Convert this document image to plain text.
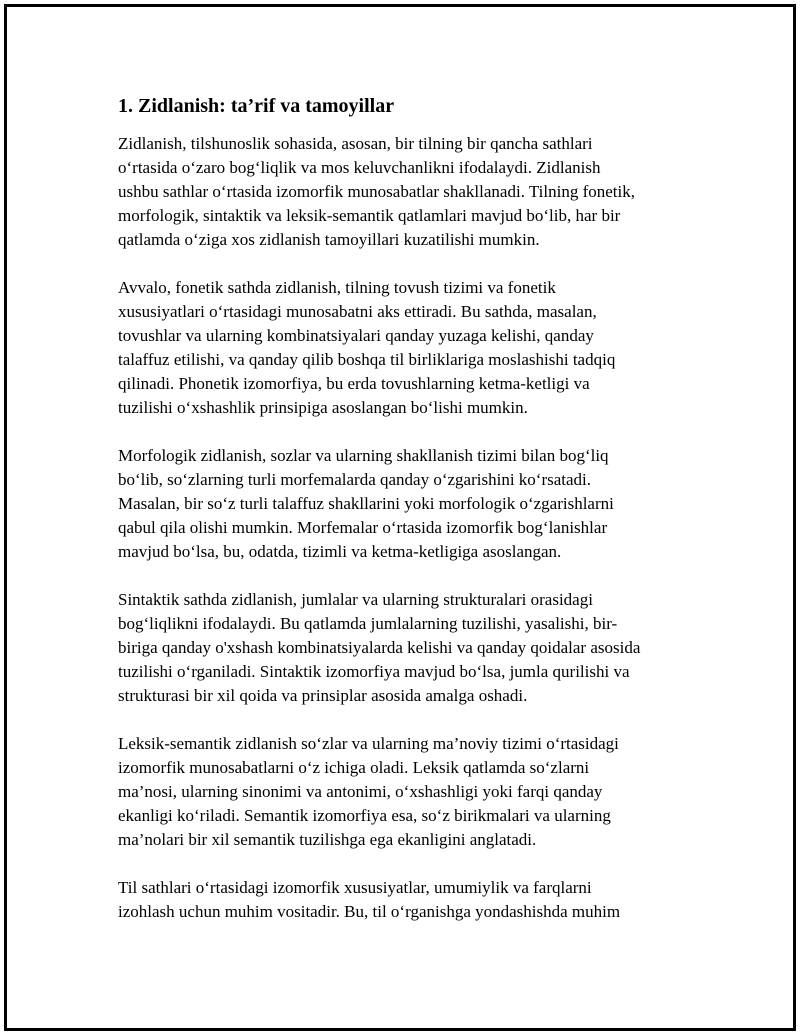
1. Zidlanish: ta’rif va tamoyillar

Zidlanish, tilshunoslik sohasida, asosan, bir tilning bir qancha sathlari
o‘rtasida o‘zaro bog‘liqlik va mos keluvchanlikni ifodalaydi. Zidlanish
ushbu sathlar o‘rtasida izomorfik munosabatlar shakllanadi. Tilning fonetik,
morfologik, sintaktik va leksik-semantik qatlamlari mavjud bo‘lib, har bir
qatlamda o‘ziga xos zidlanish tamoyillari kuzatilishi mumkin.

Avvalo, fonetik sathda zidlanish, tilning tovush tizimi va fonetik
xususiyatlari o‘rtasidagi munosabatni aks ettiradi. Bu sathda, masalan,
tovushlar va ularning kombinatsiyalari qanday yuzaga kelishi, qanday
talaffuz etilishi, va qanday qilib boshqa til birliklariga moslashishi tadqiq
qilinadi. Phonetik izomorfiya, bu erda tovushlarning ketma-ketligi va
tuzilishi o‘xshashlik prinsipiga asoslangan bo‘lishi mumkin.

Morfologik zidlanish, sozlar va ularning shakllanish tizimi bilan bog‘liq
bo‘lib, so‘zlarning turli morfemalarda qanday o‘zgarishini ko‘rsatadi.
Masalan, bir so‘z turli talaffuz shakllarini yoki morfologik o‘zgarishlarni
qabul qila olishi mumkin. Morfemalar o‘rtasida izomorfik bog‘lanishlar
mavjud bo‘lsa, bu, odatda, tizimli va ketma-ketligiga asoslangan.

Sintaktik sathda zidlanish, jumlalar va ularning strukturalari orasidagi
bog‘liqlikni ifodalaydi. Bu qatlamda jumlalarning tuzilishi, yasalishi, bir-
biriga qanday o'xshash kombinatsiyalarda kelishi va qanday qoidalar asosida
tuzilishi o‘rganiladi. Sintaktik izomorfiya mavjud bo‘lsa, jumla qurilishi va
strukturasi bir xil qoida va prinsiplar asosida amalga oshadi.

Leksik-semantik zidlanish so‘zlar va ularning ma’noviy tizimi o‘rtasidagi
izomorfik munosabatlarni o‘z ichiga oladi. Leksik qatlamda so‘zlarni
ma’nosi, ularning sinonimi va antonimi, o‘xshashligi yoki farqi qanday
ekanligi ko‘riladi. Semantik izomorfiya esa, so‘z birikmalari va ularning
ma’nolari bir xil semantik tuzilishga ega ekanligini anglatadi.

Til sathlari o‘rtasidagi izomorfik xususiyatlar, umumiylik va farqlarni
izohlash uchun muhim vositadir. Bu, til o‘rganishga yondashishda muhim
